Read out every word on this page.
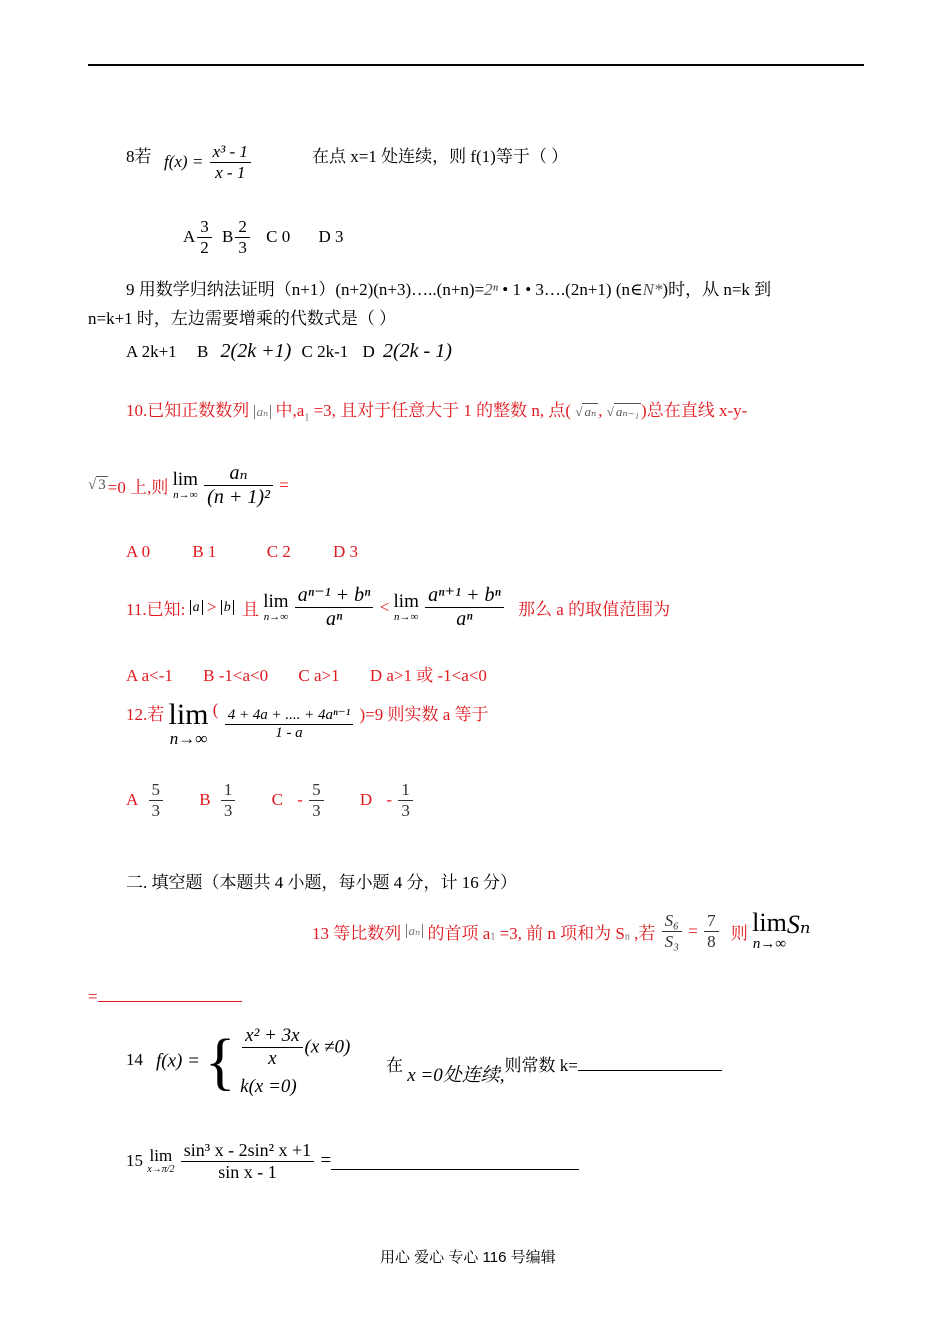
8若 $f(x) = \frac{\text{x³ - 1}}{x - 1}$	在点 x=1 处连续，则 f(1)等于（ ）
A $\frac{3}{2}$ B $\frac{2}{3}$ C 0 D 3
9 用数学归纳法证明（n+1）(n+2)(n+3)…..(n+n)=2ⁿ • 1 • 3….(2n+1) (n∈N*)时，从 n=k 到
n=k+1 时，左边需要增乘的代数式是（ ）
A 2k+1 B 2(2k +1) C 2k-1 D 2(2k - 1)
10.已知正数数列 aₙ 中$,a_1 =3$, 且对于任意大于 1 的整数 n, 点( √ aₙ , √ aₙ₋₁ )总在直线 x-y-
√ 3 =0 上,则 lim
n→∞
$\frac{\text{aₙ}}{\text{(n + 1)²}}$ =
A 0 B 1	C 2 D 3
11.已知: a > b 且 lim
n→∞
$\frac{\text{aⁿ⁻¹ + bⁿ}}{\text{aⁿ}} < \lim$
n→∞
$\frac{\text{aⁿ⁺¹ + bⁿ}}{\text{aⁿ}}$ 那么 a 的取值范围为
A a<-1 B -1<a<0 C a>1 D a>1 或 -1<a<0
12.若 lim
n→∞
( $\frac{\text{4 + 4a + .... + 4aⁿ⁻¹}}{1 - a} )=9$ 则实数 a 等于
A $\frac{5}{3}$ B $\frac{1}{3}$ C - $\frac{5}{3}$ D - $\frac{1}{3}$
二. 填空题（本题共 4 小题，每小题 4 分，计 16 分）
13 等比数列 aₙ 的首项 $a_1 =3$, 前 n 项和为 $S_n$ ,若 $\frac{\text{S₆}}{\text{S₃}} = \frac{7}{8}$ 则 lim
n→∞
Sₙ
=
14 f(x) = { $\frac{\text{x² + 3x}}{x} (x \ne 0)$
k(x =0)
在 x =0处连续,则常数 k=
15 lim
x→π/2
$\frac{\text{sin³ x - 2sin² x +1}}{\text{sin x - 1}}$ =
用心 爱心 专心 116 号编辑
